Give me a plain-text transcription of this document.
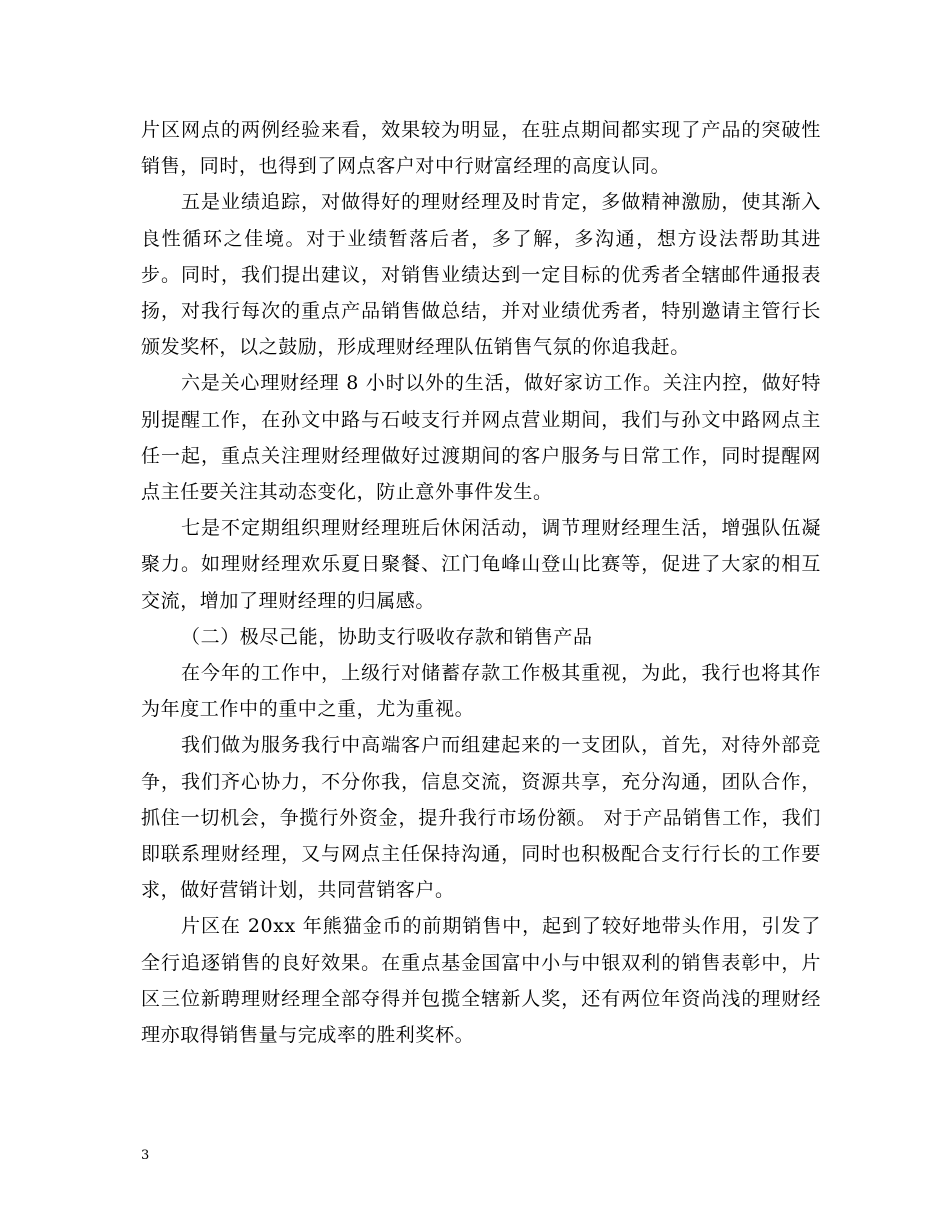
片区网点的两例经验来看，效果较为明显，在驻点期间都实现了产品的突破性销售，同时，也得到了网点客户对中行财富经理的高度认同。

五是业绩追踪，对做得好的理财经理及时肯定，多做精神激励，使其渐入良性循环之佳境。对于业绩暂落后者，多了解，多沟通，想方设法帮助其进步。同时，我们提出建议，对销售业绩达到一定目标的优秀者全辖邮件通报表扬，对我行每次的重点产品销售做总结，并对业绩优秀者，特别邀请主管行长颁发奖杯，以之鼓励，形成理财经理队伍销售气氛的你追我赶。

六是关心理财经理 8 小时以外的生活，做好家访工作。关注内控，做好特别提醒工作，在孙文中路与石岐支行并网点营业期间，我们与孙文中路网点主任一起，重点关注理财经理做好过渡期间的客户服务与日常工作，同时提醒网点主任要关注其动态变化，防止意外事件发生。

七是不定期组织理财经理班后休闲活动，调节理财经理生活，增强队伍凝聚力。如理财经理欢乐夏日聚餐、江门龟峰山登山比赛等，促进了大家的相互交流，增加了理财经理的归属感。

（二）极尽己能，协助支行吸收存款和销售产品

在今年的工作中，上级行对储蓄存款工作极其重视，为此，我行也将其作为年度工作中的重中之重，尤为重视。

我们做为服务我行中高端客户而组建起来的一支团队，首先，对待外部竞争，我们齐心协力，不分你我，信息交流，资源共享，充分沟通，团队合作，抓住一切机会，争揽行外资金，提升我行市场份额。 对于产品销售工作，我们即联系理财经理，又与网点主任保持沟通，同时也积极配合支行行长的工作要求，做好营销计划，共同营销客户。

片区在 20xx 年熊猫金币的前期销售中，起到了较好地带头作用，引发了全行追逐销售的良好效果。在重点基金国富中小与中银双利的销售表彰中，片区三位新聘理财经理全部夺得并包揽全辖新人奖，还有两位年资尚浅的理财经理亦取得销售量与完成率的胜利奖杯。

3
